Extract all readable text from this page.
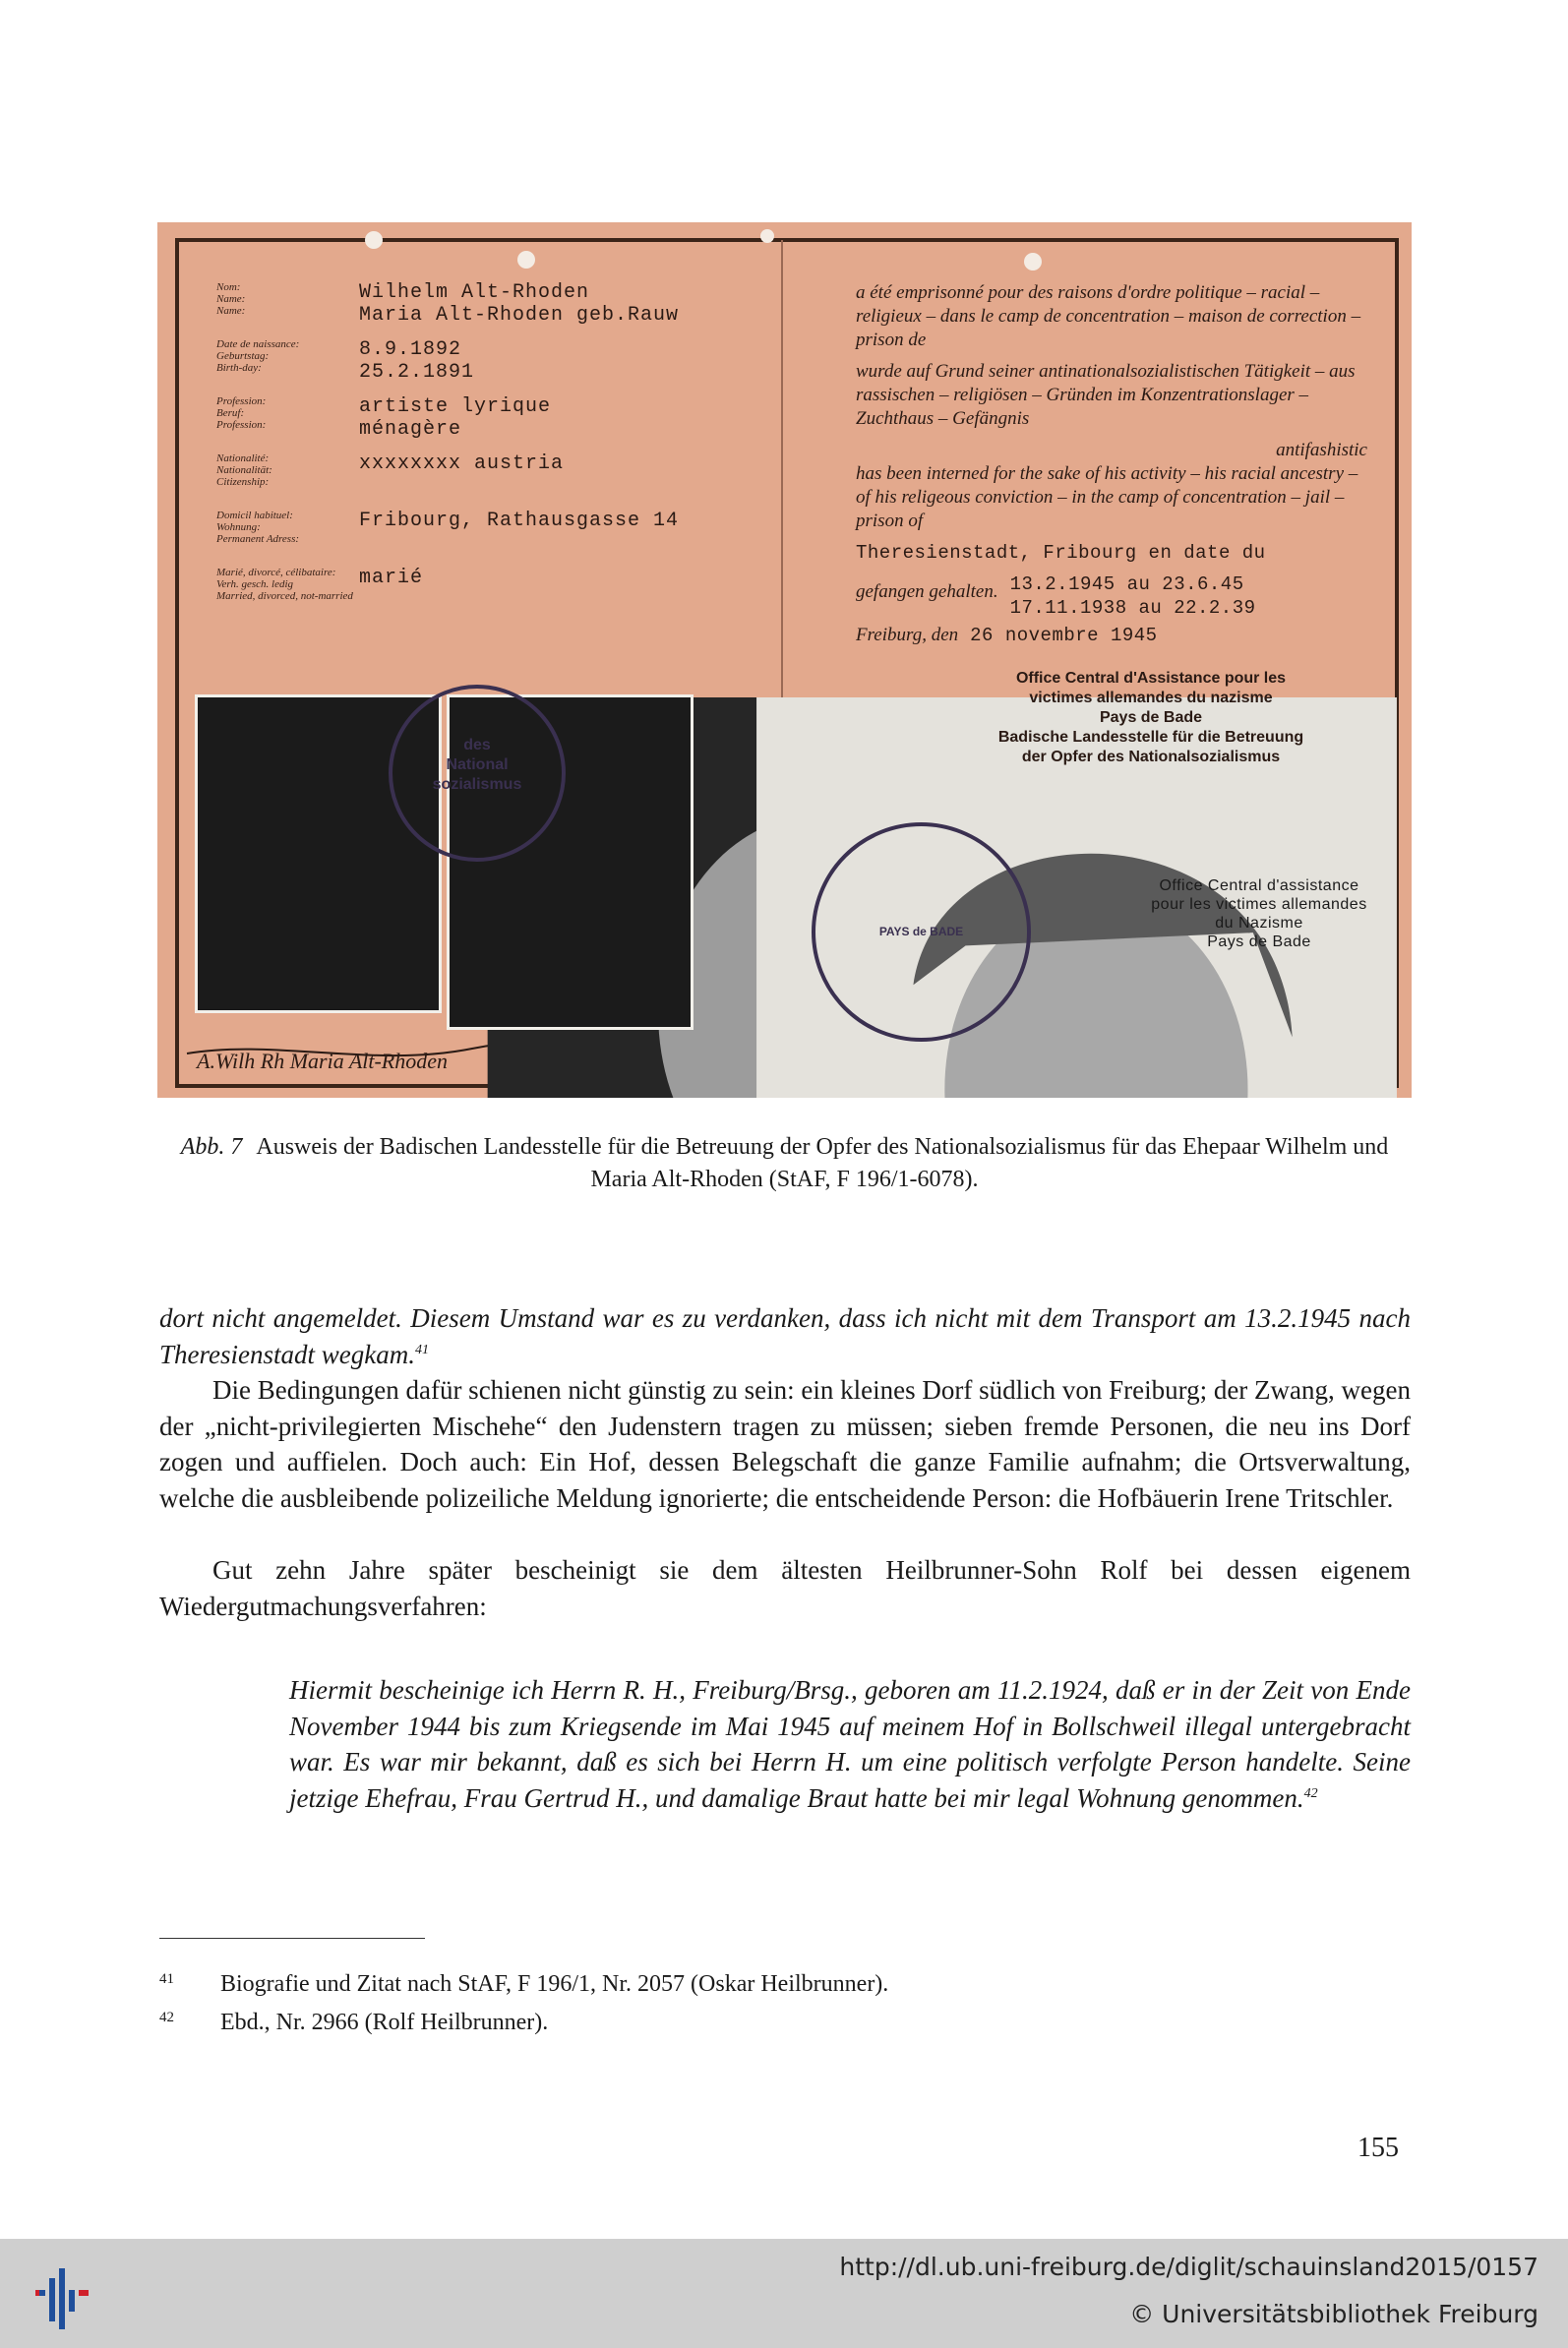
A.Wilh Rh Maria Alt-Rhoden
Nom:
Name:
Name:
Wilhelm Alt-Rhoden
Maria Alt-Rhoden geb.Rauw
Date de naissance:
Geburtstag:
Birth-day:
8.9.1892
25.2.1891
Profession:
Beruf:
Profession:
artiste lyrique
ménagère
Nationalité:
Nationalität:
Citizenship:
xxxxxxxx austria
Domicil habituel:
Wohnung:
Permanent Adress:
Fribourg, Rathausgasse 14
Marié, divorcé, célibataire:
Verh. gesch. ledig
Married, divorced, not-married
marié
des
National
sozialismus

a été emprisonné pour des raisons d'ordre politique – racial – religieux – dans le camp de concentration – maison de correction – prison de

wurde auf Grund seiner antinationalsozialistischen Tätigkeit – aus rassischen – religiösen – Gründen im Konzentrationslager – Zuchthaus – Gefängnis

antifashistic

has been interned for the sake of his activity – his racial ancestry – of his religeous conviction – in the camp of concentration – jail – prison of

Theresienstadt, Fribourg en date du
gefangen gehalten. 13.2.1945 au 23.6.45
17.11.1938 au 22.2.39
Freiburg, den 26 novembre 1945
Office Central d'Assistance pour les
victimes allemandes du nazisme
Pays de Bade
Badische Landesstelle für die Betreuung
der Opfer des Nationalsozialismus
PAYS de BADE
Office Central d'assistance
pour les victimes allemandes
du Nazisme
Pays de Bade
Abb. 7 Ausweis der Badischen Landesstelle für die Betreuung der Opfer des Nationalsozialismus für das Ehepaar Wilhelm und Maria Alt-Rhoden (StAF, F 196/1-6078).
dort nicht angemeldet. Diesem Umstand war es zu verdanken, dass ich nicht mit dem Transport am 13.2.1945 nach Theresienstadt wegkam.$^{41}$
Die Bedingungen dafür schienen nicht günstig zu sein: ein kleines Dorf südlich von Freiburg; der Zwang, wegen der „nicht-privilegierten Mischehe“ den Judenstern tragen zu müssen; sieben fremde Personen, die neu ins Dorf zogen und auffielen. Doch auch: Ein Hof, dessen Belegschaft die ganze Familie aufnahm; die Ortsverwaltung, welche die ausbleibende polizeiliche Meldung ignorierte; die entscheidende Person: die Hofbäuerin Irene Tritschler.
Gut zehn Jahre später bescheinigt sie dem ältesten Heilbrunner-Sohn Rolf bei dessen eigenem Wiedergutmachungsverfahren:
Hiermit bescheinige ich Herrn R. H., Freiburg/Brsg., geboren am 11.2.1924, daß er in der Zeit von Ende November 1944 bis zum Kriegsende im Mai 1945 auf meinem Hof in Bollschweil illegal untergebracht war. Es war mir bekannt, daß es sich bei Herrn H. um eine politisch verfolgte Person handelte. Seine jetzige Ehefrau, Frau Gertrud H., und damalige Braut hatte bei mir legal Wohnung genommen.$^{42}$
41 Biografie und Zitat nach StAF, F 196/1, Nr. 2057 (Oskar Heilbrunner).
42 Ebd., Nr. 2966 (Rolf Heilbrunner).
155
http://dl.ub.uni-freiburg.de/diglit/schauinsland2015/0157
© Universitätsbibliothek Freiburg
